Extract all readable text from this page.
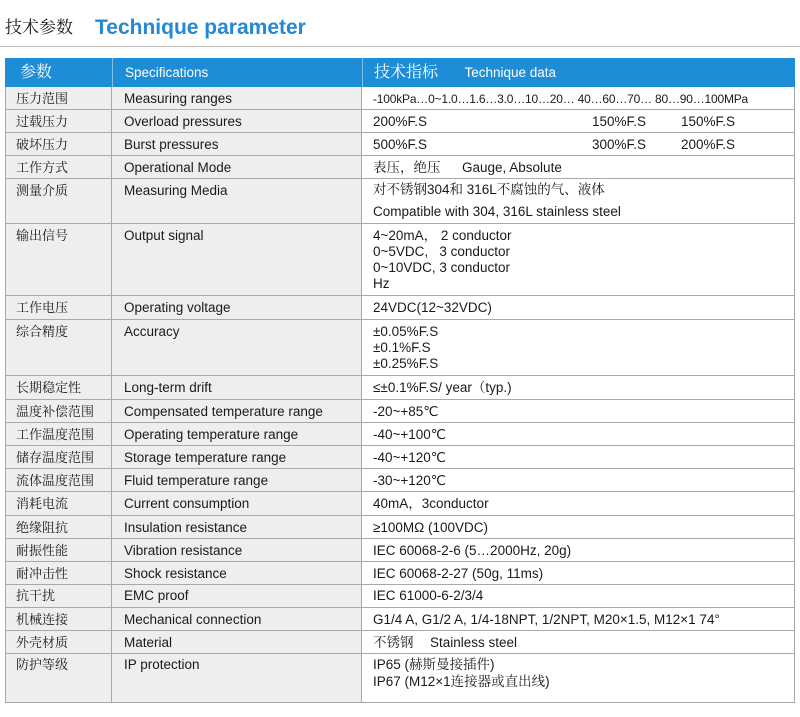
技术参数 Technique parameter
参数	Specifications	技术指标 Technique data
压力范围	Measuring ranges	-100kPa…0~1.0…1.6…3.0…10…20… 40…60…70… 80…90…100MPa
过载压力	Overload pressures	200%F.S	150%F.S	150%F.S
破坏压力	Burst pressures	500%F.S	300%F.S	200%F.S
工作方式	Operational Mode	表压，绝压 Gauge, Absolute
测量介质	Measuring Media	对不锈钢304和 316L不腐蚀的气、液体
Compatible with 304, 316L stainless steel
输出信号	Output signal	4~20mA， 2 conductor
0~5VDC,   3 conductor
0~10VDC, 3 conductor
Hz
工作电压	Operating voltage	24VDC(12~32VDC)
综合精度	Accuracy	±0.05%F.S
±0.1%F.S
±0.25%F.S
长期稳定性	Long-term drift	≤±0.1%F.S/ year（typ.)
温度补偿范围	Compensated temperature range	-20~+85℃
工作温度范围	Operating temperature range	-40~+100℃
储存温度范围	Storage temperature range	-40~+120℃
流体温度范围	Fluid temperature range	-30~+120℃
消耗电流	Current consumption	40mA，3conductor
绝缘阻抗	Insulation resistance	≥100MΩ (100VDC)
耐振性能	Vibration resistance	IEC 60068-2-6 (5…2000Hz, 20g)
耐冲击性	Shock resistance	IEC 60068-2-27 (50g, 11ms)
抗干扰	EMC proof	IEC 61000-6-2/3/4
机械连接	Mechanical connection	G1/4 A, G1/2 A, 1/4-18NPT, 1/2NPT, M20×1.5, M12×1 74°
外壳材质	Material	不锈钢 Stainless steel
防护等级	IP protection	IP65 (赫斯曼接插件)
IP67 (M12×1连接器或直出线)
